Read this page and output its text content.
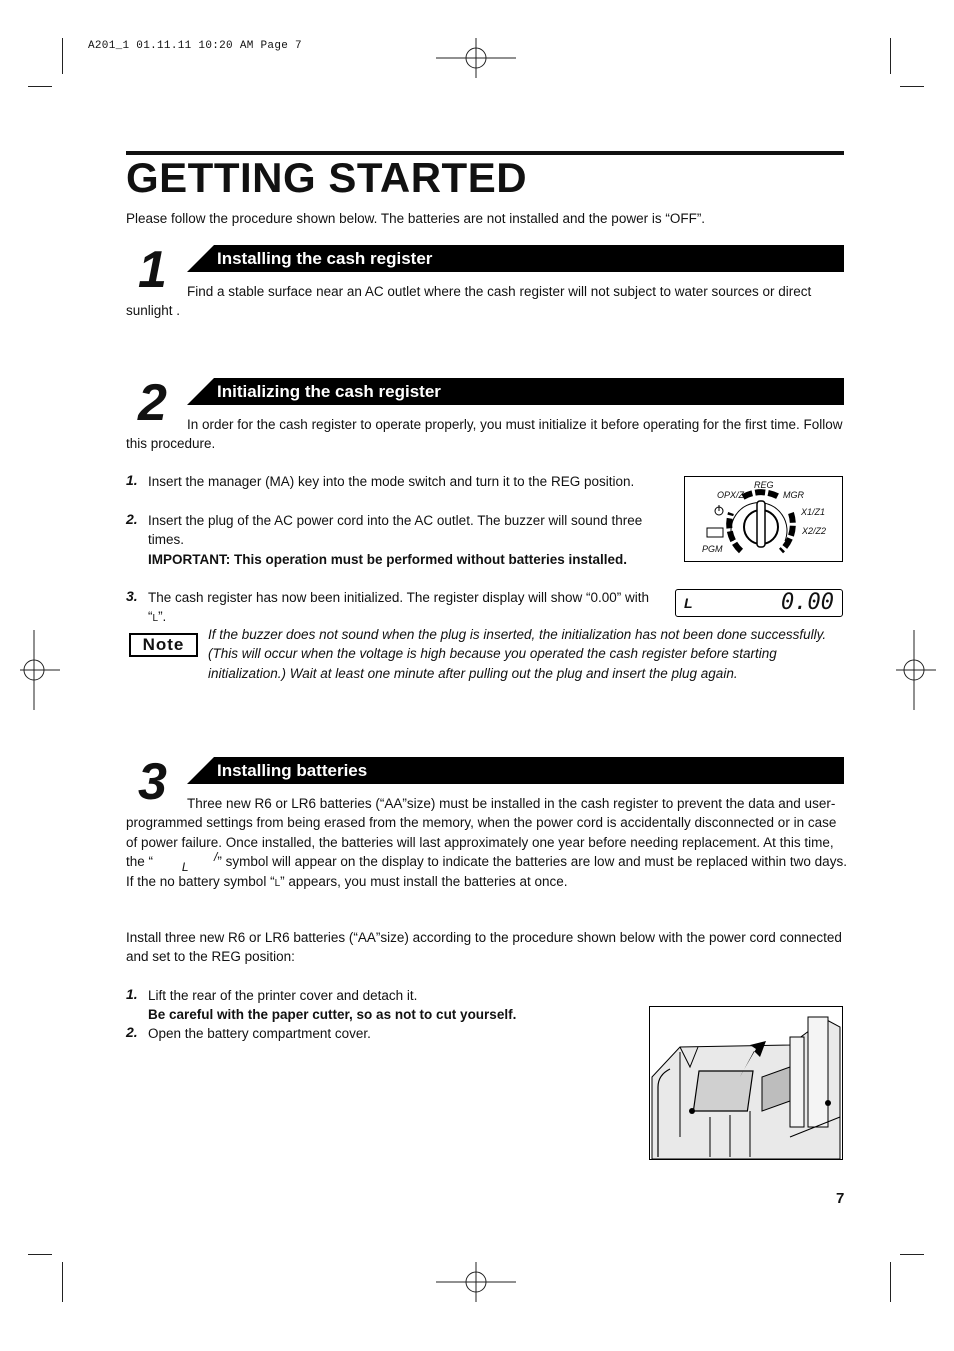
A201_1 01.11.11 10:20 AM Page 7
GETTING STARTED
Please follow the procedure shown below. The batteries are not installed and the power is “OFF”.
1	Installing the cash register
Find a stable surface near an AC outlet where the cash register will not subject to water sources or direct sunlight .
2	Initializing the cash register
In order for the cash register to operate properly, you must initialize it before operating for the first time. Follow this procedure.
1. Insert the manager (MA) key into the mode switch and turn it to the REG position.
2. Insert the plug of the AC power cord into the AC outlet. The buzzer will sound three times.
IMPORTANT: This operation must be performed without batteries installed.
3. The cash register has now been initialized. The register display will show “0.00” with “L”.
REG
OPX/Z	MGR
X1/Z1
X2/Z2
PGM
L	0.00
Note
If the buzzer does not sound when the plug is inserted, the initialization has not been done successfully. (This will occur when the voltage is high because you operated the cash register before starting initialization.) Wait at least one minute after pulling out the plug and insert the plug again.
3	Installing batteries
Three new R6 or LR6 batteries (“AA”size) must be installed in the cash register to prevent the data and user-programmed settings from being erased from the memory, when the power cord is accidentally disconnected or in case of power failure. Once installed, the batteries will last approximately one year before needing replacement. At this time, the “	/
L ” symbol will appear on the display to indicate the batteries are low and must be replaced within two days. If the no battery symbol “L” appears, you must install the batteries at once.
Install three new R6 or LR6 batteries (“AA”size) according to the procedure shown below with the power cord connected and set to the REG position:
1. Lift the rear of the printer cover and detach it.
Be careful with the paper cutter, so as not to cut yourself.
2. Open the battery compartment cover.
7
